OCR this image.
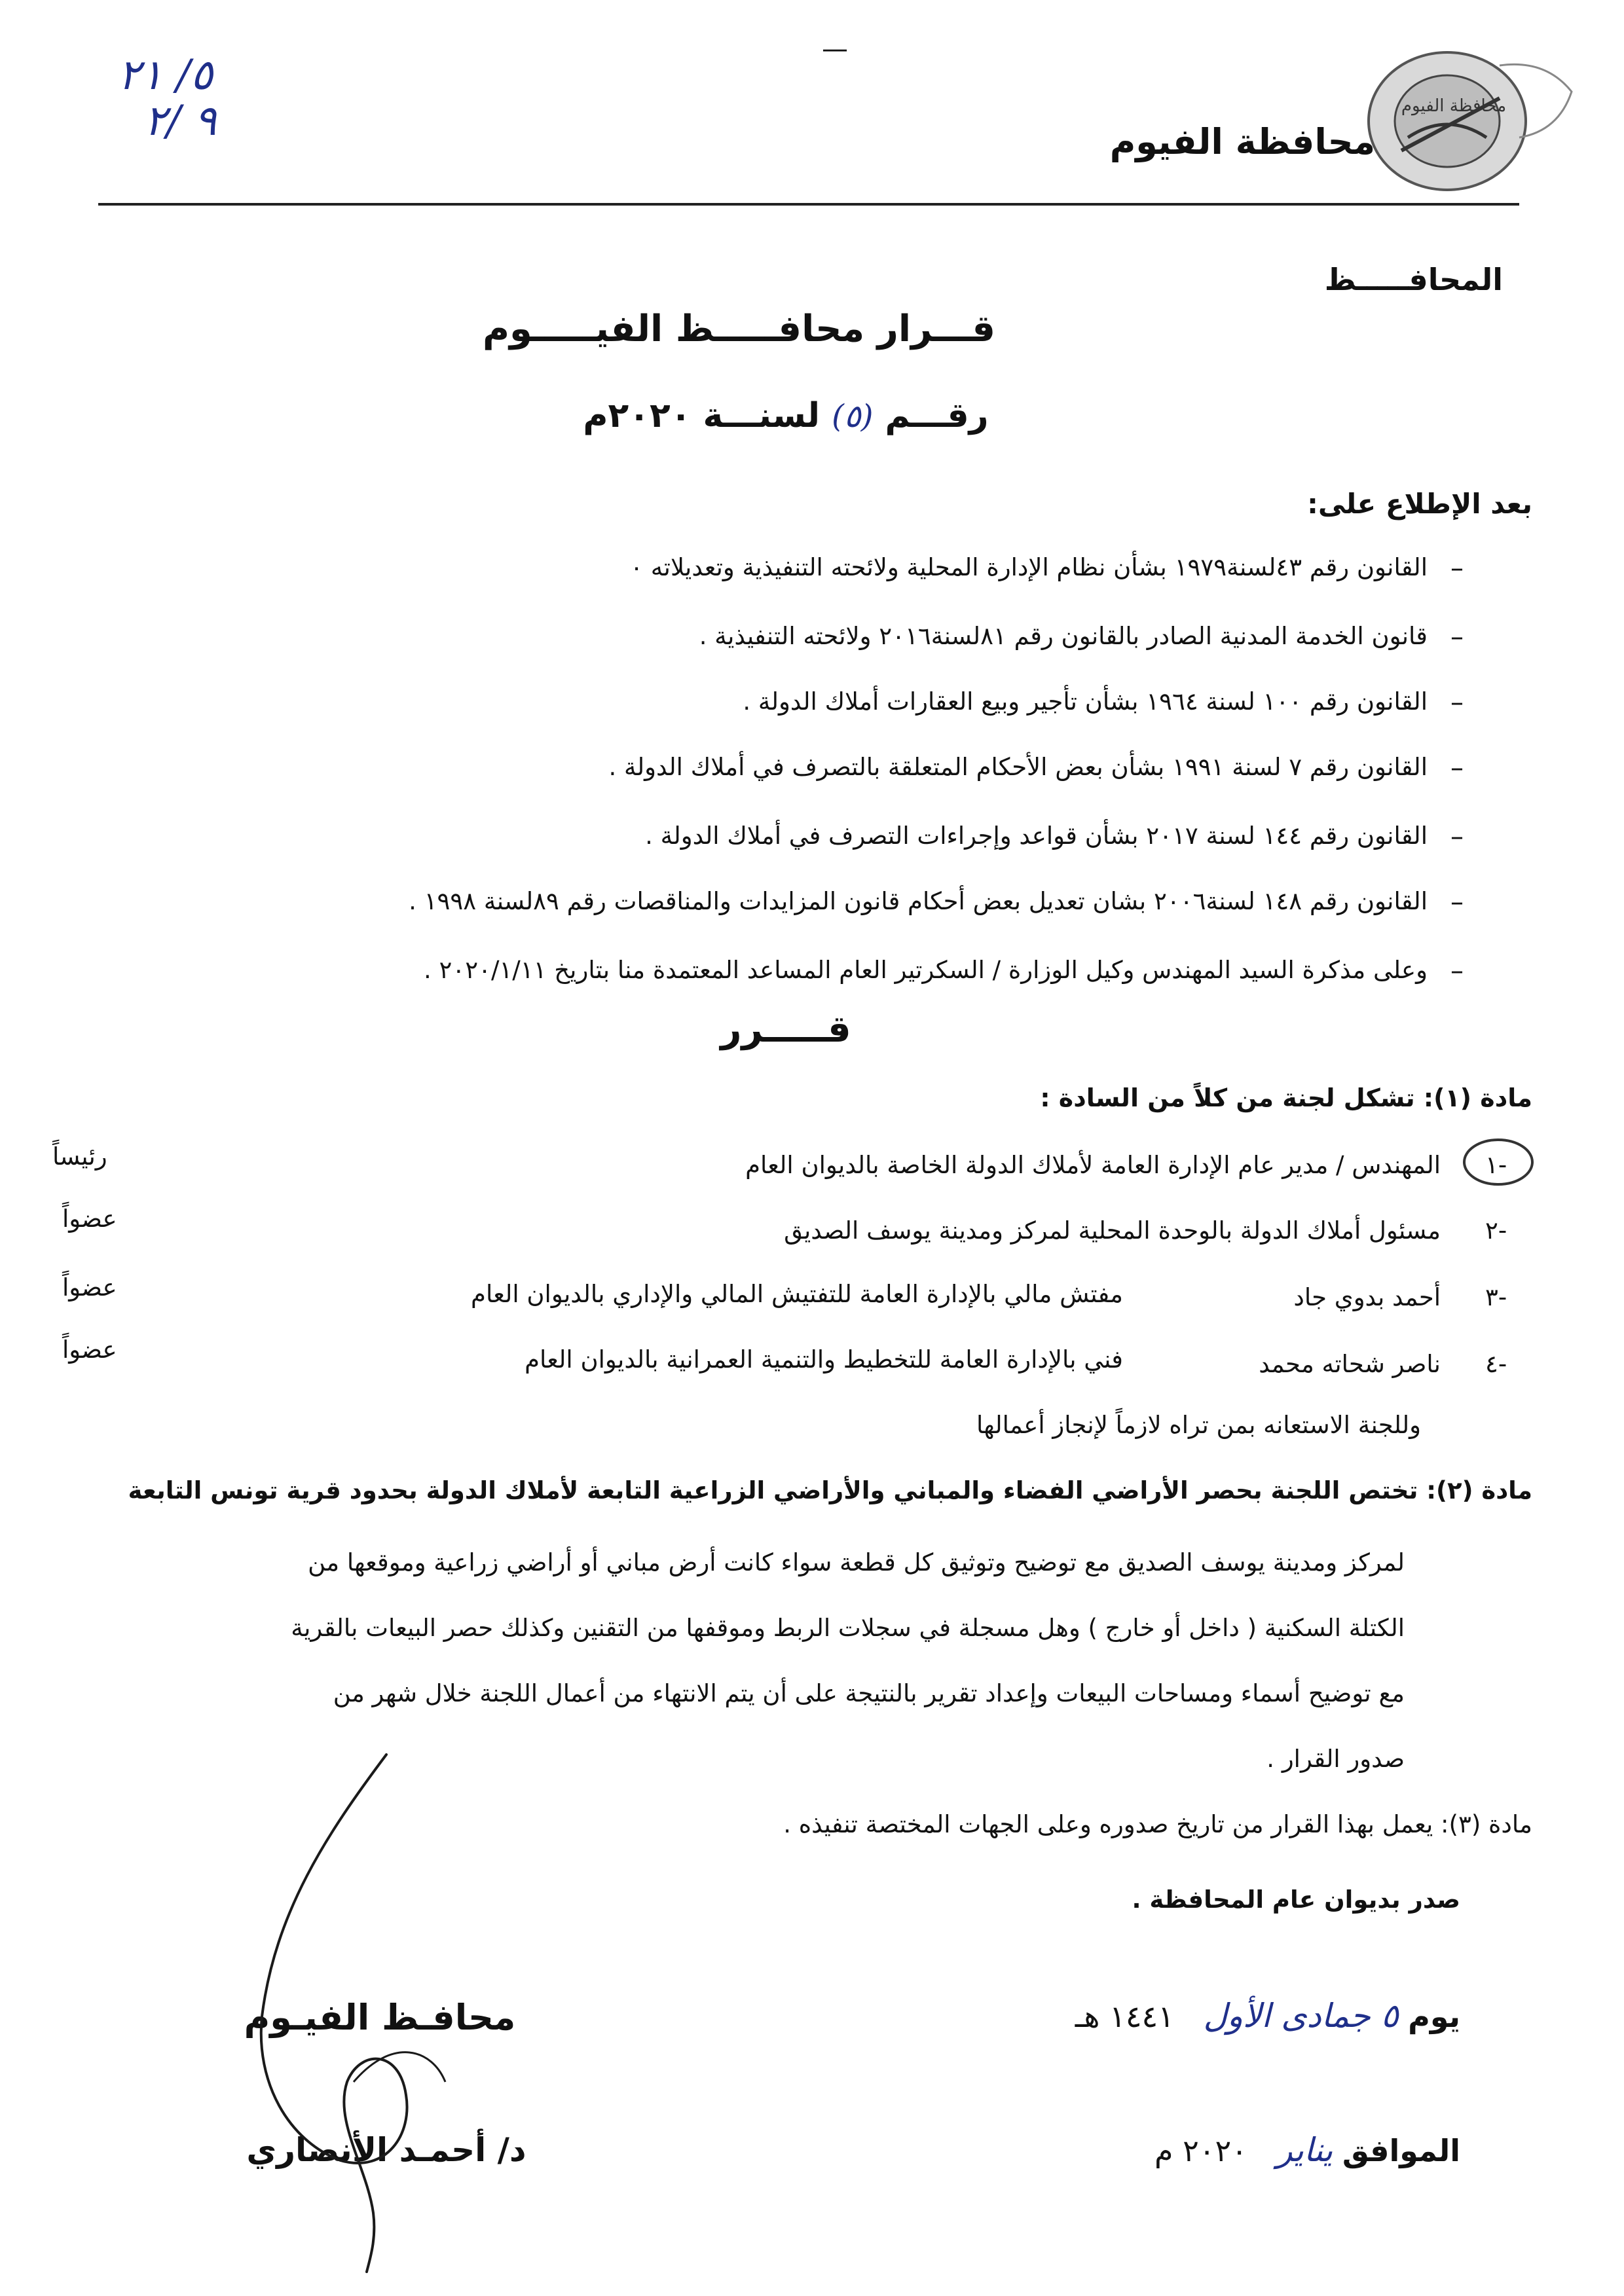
٥/ ٢١
٩ /٢
—
محافظة الفيوم
محافظة الفيوم
المحافـــــظ
قـــرار محافـــــظ الفيـــــوم
رقـــم (٥) لسنـــة ٢٠٢٠م
بعد الإطلاع على:
–
القانون رقم ٤٣لسنة١٩٧٩ بشأن نظام الإدارة المحلية ولائحته التنفيذية وتعديلاته ٠
–
قانون الخدمة المدنية الصادر بالقانون رقم ٨١لسنة٢٠١٦ ولائحته التنفيذية .
–
القانون رقم ١٠٠ لسنة ١٩٦٤ بشأن تأجير وبيع العقارات أملاك الدولة .
–
القانون رقم ٧ لسنة ١٩٩١ بشأن بعض الأحكام المتعلقة بالتصرف في أملاك الدولة .
–
القانون رقم ١٤٤ لسنة ٢٠١٧ بشأن قواعد وإجراءات التصرف في أملاك الدولة .
–
القانون رقم ١٤٨ لسنة٢٠٠٦ بشان تعديل بعض أحكام قانون المزايدات والمناقصات رقم ٨٩لسنة ١٩٩٨ .
–
وعلى مذكرة السيد المهندس وكيل الوزارة / السكرتير العام المساعد المعتمدة منا بتاريخ ٢٠٢٠/١/١١ .
قـــــرر
مادة (١): تشكل لجنة من كلاً من السادة :
١-
المهندس / مدير عام الإدارة العامة لأملاك الدولة الخاصة بالديوان العام
رئيساً
٢-
مسئول أملاك الدولة بالوحدة المحلية لمركز ومدينة يوسف الصديق
عضواً
٣-
أحمد بدوي جاد
مفتش مالي بالإدارة العامة للتفتيش المالي والإداري بالديوان العام
عضواً
٤-
ناصر شحاته محمد
فني بالإدارة العامة للتخطيط والتنمية العمرانية بالديوان العام
عضواً
وللجنة الاستعانه بمن تراه لازماً لإنجاز أعمالها
مادة (٢): تختص اللجنة بحصر الأراضي الفضاء والمباني والأراضي الزراعية التابعة لأملاك الدولة بحدود قرية تونس التابعة
لمركز ومدينة يوسف الصديق مع توضيح وتوثيق كل قطعة سواء كانت أرض مباني أو أراضي زراعية وموقعها من
الكتلة السكنية ( داخل أو خارج ) وهل مسجلة في سجلات الربط وموقفها من التقنين وكذلك حصر البيعات بالقرية
مع توضيح أسماء ومساحات البيعات وإعداد تقرير بالنتيجة على أن يتم الانتهاء من أعمال اللجنة خلال شهر من
صدور القرار .
مادة (٣): يعمل بهذا القرار من تاريخ صدوره وعلى الجهات المختصة تنفيذه .
صدر بديوان عام المحافظة .
يوم ٥ جمادى الأول ١٤٤١ هـ
الموافق يناير ٢٠٢٠ م
محافـظ الفيـوم
د/ أحمـد الأنصاري
